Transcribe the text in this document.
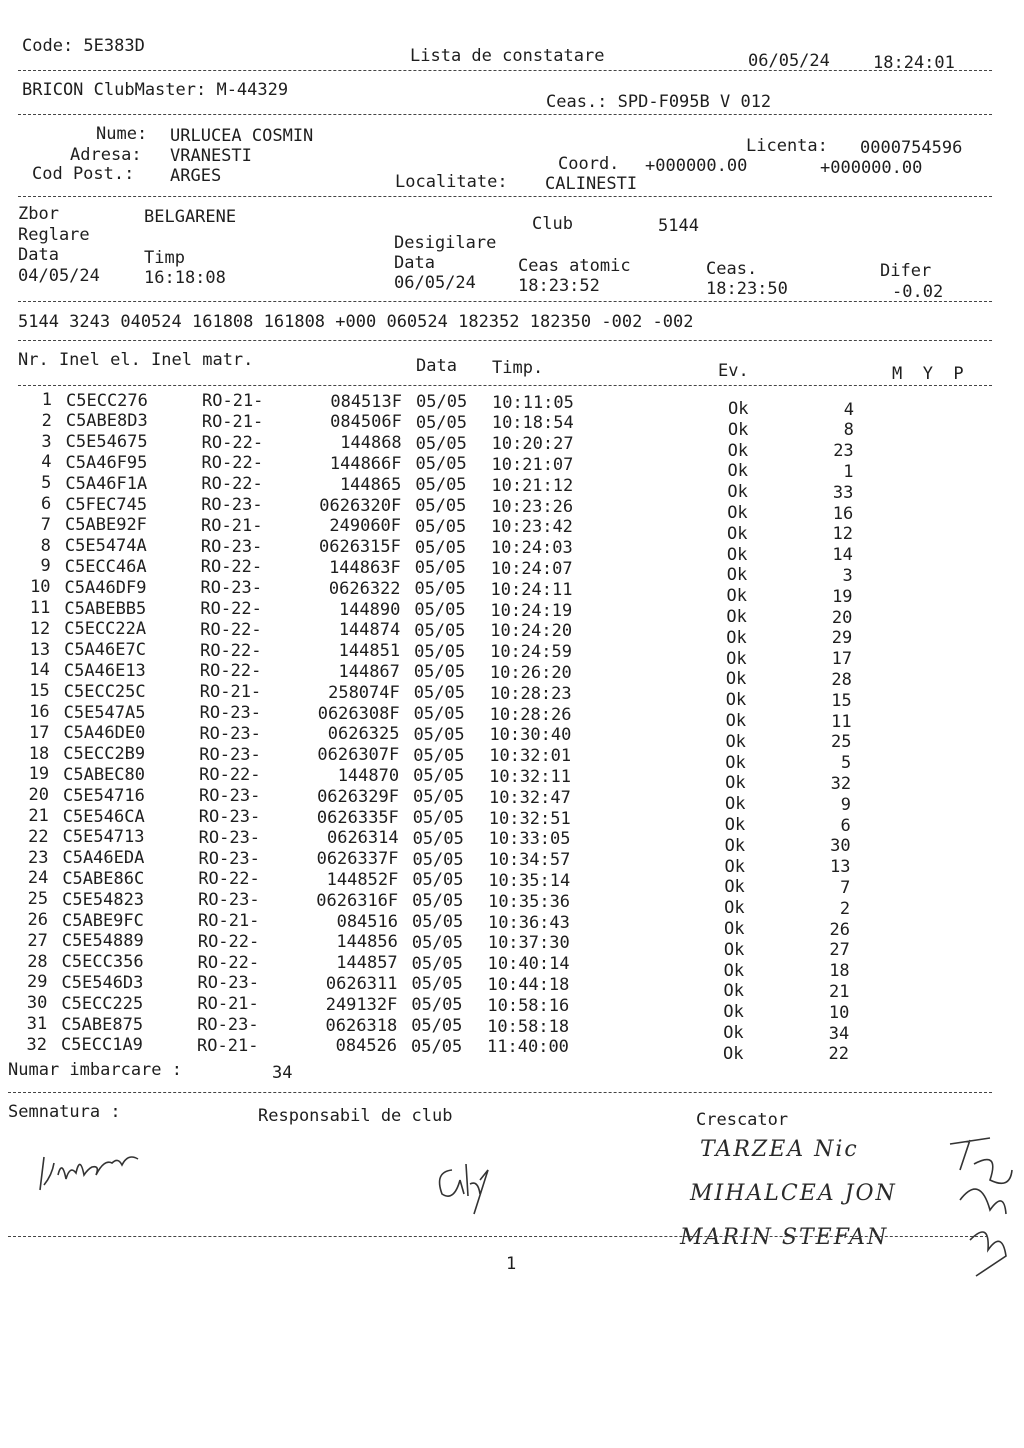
Code: 5E383D	Lista de constatare	06/05/24	18:24:01
BRICON ClubMaster: M-44329
Ceas.: SPD-F095B V 012
Nume: URLUCEA COSMIN
Adresa: VRANESTI
Cod Post.: ARGES
Licenta: 0000754596
Coord. +000000.00	+000000.00
Localitate: CALINESTI
Zbor	BELGARENE	Club	5144
Reglare	Desigilare
Data	Timp	Data	Ceas atomic	Ceas.	Difer
04/05/24	16:18:08	06/05/24 18:23:52	18:23:50	-0.02
5144 3243 040524 161808 161808 +000 060524 182352 182350 -002 -002
Nr. Inel el. Inel matr.	Data Timp.	Ev.	M  Y  P
1 C5ECC276	RO-21-	084513F 05/05 10:11:05	Ok	4
2 C5ABE8D3	RO-21-	084506F 05/05 10:18:54	Ok	8
3 C5E54675	RO-22-	144868 05/05 10:20:27	Ok	23
4 C5A46F95	RO-22-	144866F 05/05 10:21:07	Ok	1
5 C5A46F1A	RO-22-	144865 05/05 10:21:12	Ok	33
6 C5FEC745	RO-23-	0626320F 05/05 10:23:26	Ok	16
7 C5ABE92F	RO-21-	249060F 05/05 10:23:42	Ok	12
8 C5E5474A	RO-23-	0626315F 05/05 10:24:03	Ok	14
9 C5ECC46A	RO-22-	144863F 05/05 10:24:07	Ok	3
10 C5A46DF9	RO-23-	0626322 05/05 10:24:11	Ok	19
11 C5ABEBB5	RO-22-	144890 05/05 10:24:19	Ok	20
12 C5ECC22A	RO-22-	144874 05/05 10:24:20	Ok	29
13 C5A46E7C	RO-22-	144851 05/05 10:24:59	Ok	17
14 C5A46E13	RO-22-	144867 05/05 10:26:20	Ok	28
15 C5ECC25C	RO-21-	258074F 05/05 10:28:23	Ok	15
16 C5E547A5	RO-23-	0626308F 05/05 10:28:26	Ok	11
17 C5A46DE0	RO-23-	0626325 05/05 10:30:40	Ok	25
18 C5ECC2B9	RO-23-	0626307F 05/05 10:32:01	Ok	5
19 C5ABEC80	RO-22-	144870 05/05 10:32:11	Ok	32
20 C5E54716	RO-23-	0626329F 05/05 10:32:47	Ok	9
21 C5E546CA	RO-23-	0626335F 05/05 10:32:51	Ok	6
22 C5E54713	RO-23-	0626314 05/05 10:33:05	Ok	30
23 C5A46EDA	RO-23-	0626337F 05/05 10:34:57	Ok	13
24 C5ABE86C	RO-22-	144852F 05/05 10:35:14	Ok	7
25 C5E54823	RO-23-	0626316F 05/05 10:35:36	Ok	2
26 C5ABE9FC	RO-21-	084516 05/05 10:36:43	Ok	26
27 C5E54889	RO-22-	144856 05/05 10:37:30	Ok	27
28 C5ECC356	RO-22-	144857 05/05 10:40:14	Ok	18
29 C5E546D3	RO-23-	0626311 05/05 10:44:18	Ok	21
30 C5ECC225	RO-21-	249132F 05/05 10:58:16	Ok	10
31 C5ABE875	RO-23-	0626318 05/05 10:58:18	Ok	34
32 C5ECC1A9	RO-21-	084526 05/05 11:40:00	Ok	22
Numar imbarcare :	34
Semnatura :	Responsabil de club	Crescator
TARZEA Nic
MIHALCEA JON
MARIN STEFAN
1
